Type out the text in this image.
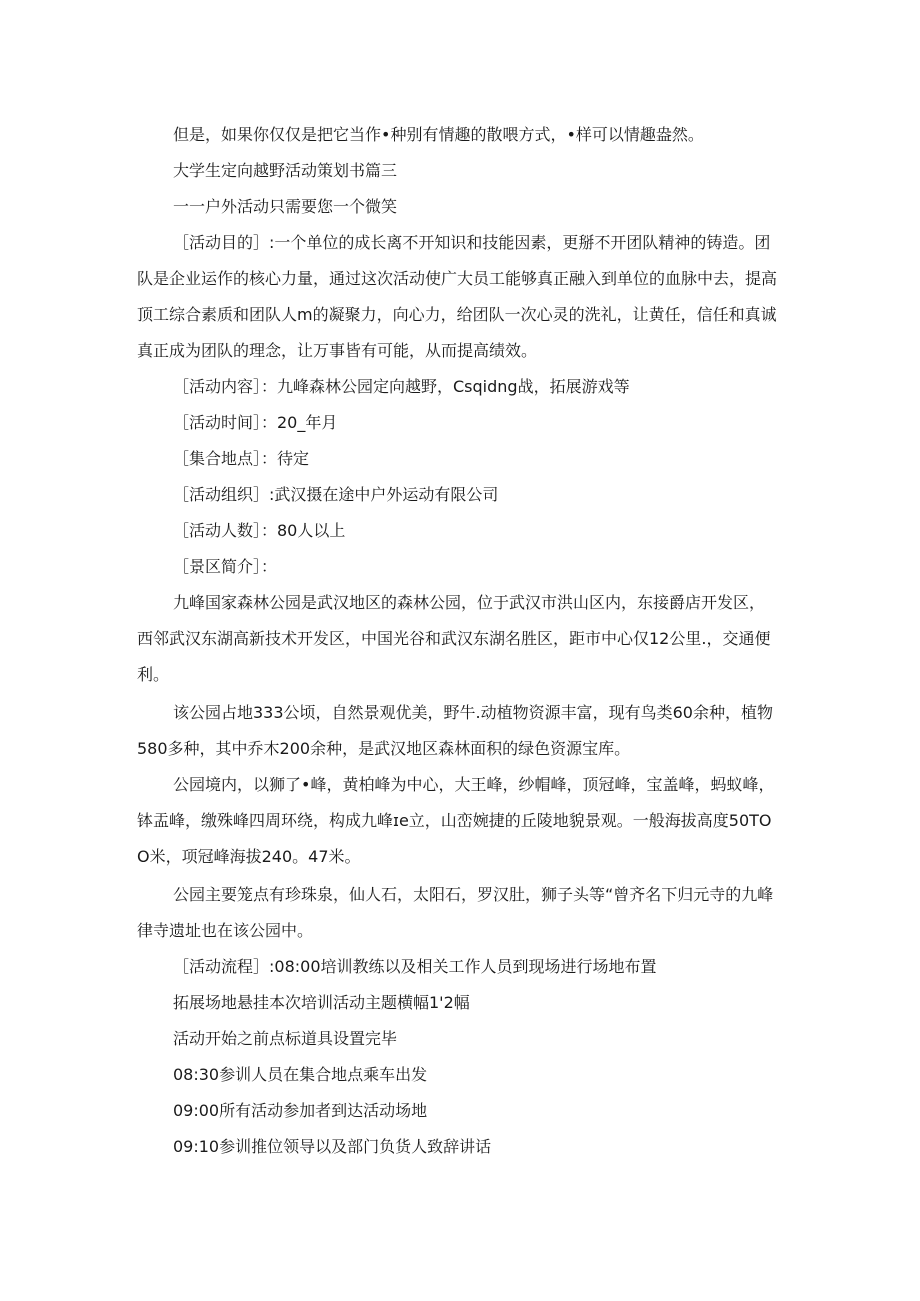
但是，如果你仅仅是把它当作•种别有情趣的散喂方式，•样可以情趣盎然。

大学生定向越野活动策划书篇三

一一户外活动只需要您一个微笑

［活动目的］:一个单位的成长离不开知识和技能因素，更掰不开团队精神的铸造。团队是企业运作的核心力量，通过这次活动使广大员工能够真正融入到单位的血脉中去，提高顶工综合素质和团队人m的凝聚力，向心力，给团队一次心灵的洗礼，让黄任，信任和真诚真正成为团队的理念，让万事皆有可能，从而提高绩效。

［活动内容］：九峰森林公园定向越野，Csqidng战，拓展游戏等

［活动时间］：20_年月

［集合地点］：待定

［活动组织］:武汉摄在途中户外运动有限公司

［活动人数］：80人以上

［景区简介］：

九峰国家森林公园是武汉地区的森林公园，位于武汉市洪山区内，东接爵店开发区，西邻武汉东湖高新技术开发区，中国光谷和武汉东湖名胜区，距市中心仅12公里.，交通便利。

该公园占地333公顷，自然景观优美，野牛.动植物资源丰富，现有鸟类60余种，植物580多种，其中乔木200余种，是武汉地区森林面积的绿色资源宝库。

公园境内，以狮了•峰，黄柏峰为中心，大王峰，纱帽峰，顶冠峰，宝盖峰，蚂蚁峰，钵盂峰，缴殊峰四周环绕，构成九峰ɪe立，山峦婉捷的丘陵地貌景观。一般海拔高度50TOO米，项冠峰海拔240。47米。

公园主要笼点有珍珠泉，仙人石，太阳石，罗汉肚，狮子头等“曾齐名下归元寺的九峰律寺遗址也在该公园中。

［活动流程］:08:00培训教练以及相关工作人员到现场进行场地布置

拓展场地悬挂本次培训活动主题横幅1'2幅

活动开始之前点标道具设置完毕

08:30参训人员在集合地点乘车出发

09:00所有活动参加者到达活动场地

09:10参训推位领导以及部门负货人致辞讲话
